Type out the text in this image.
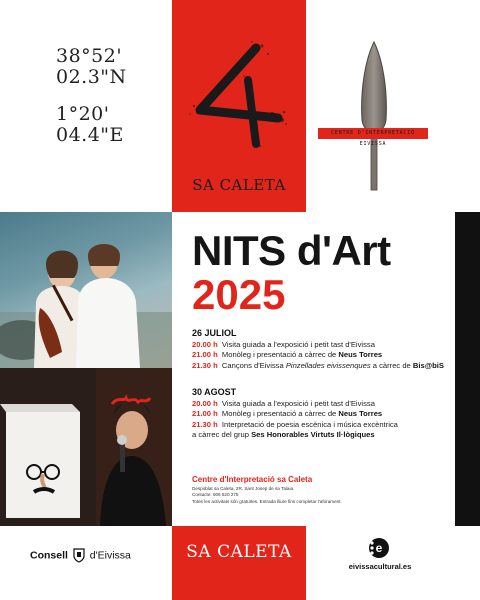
38°52'
02.3"N
1°20'
04.4"E
SA CALETA
CENTRE D'INTERPRETACIÓ EIVISSA
NITS d'Art
2025
26 JULIOL
20.00 h Visita guiada a l'exposició i petit tast d'Eivissa
21.00 h Monòleg i presentació a càrrec de Neus Torres
21.30 h Cançons d'Eivissa Pinzellades eivissenques a càrrec de Bis@biS
30 AGOST
20.00 h Visita guiada a l'exposició i petit tast d'Eivissa
21.00 h Monòleg i presentació a càrrec de Neus Torres
21.30 h Interpretació de poesia escènica i música excèntrica
a càrrec del grup Ses Honorables Virtuts Il·lògiques
Centre d'Interpretació sa Caleta
Despoblat sa Caleta, 2R. Sant Josep de sa Talaia.
Contacte: 606 520 275
Totes les activitats són gratuïtes. Entrada lliure fins completar l'aforament.
Consell d'Eivissa	SA CALETA	e
eivissacultural.es
